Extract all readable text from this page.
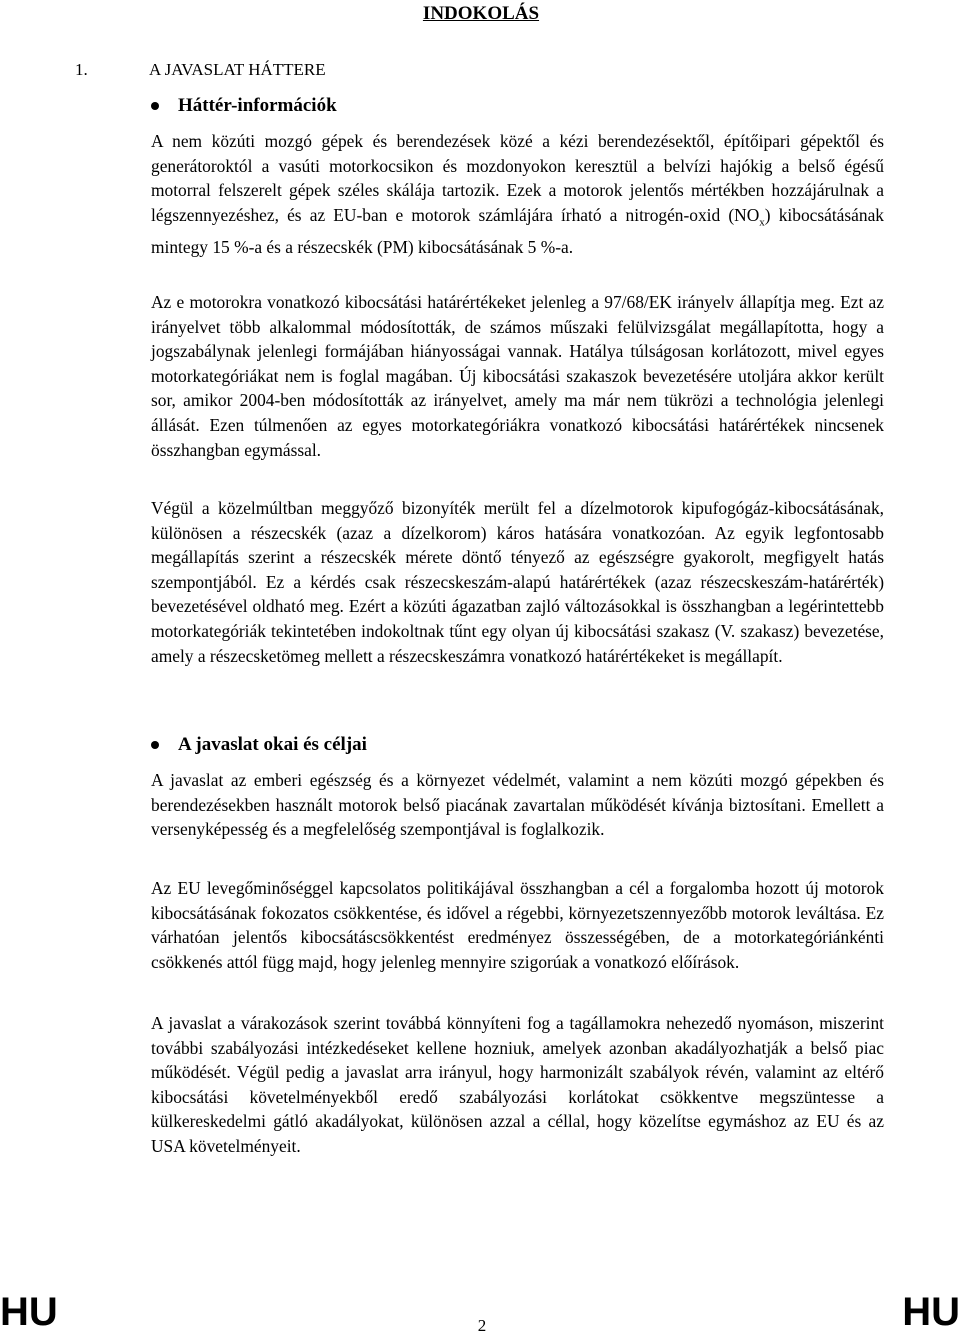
INDOKOLÁS
1.	A JAVASLAT HÁTTERE
Háttér-információk

A nem közúti mozgó gépek és berendezések közé a kézi berendezésektől, építőipari gépektől és generátoroktól a vasúti motorkocsikon és mozdonyokon keresztül a belvízi hajókig a belső égésű motorral felszerelt gépek széles skálája tartozik. Ezek a motorok jelentős mértékben hozzájárulnak a légszennyezéshez, és az EU-ban e motorok számlájára írható a nitrogén-oxid $(NO_x)$ kibocsátásának mintegy 15 %-a és a részecskék (PM) kibocsátásának 5 %-a.

Az e motorokra vonatkozó kibocsátási határértékeket jelenleg a 97/68/EK irányelv állapítja meg. Ezt az irányelvet több alkalommal módosították, de számos műszaki felülvizsgálat megállapította, hogy a jogszabálynak jelenlegi formájában hiányosságai vannak. Hatálya túlságosan korlátozott, mivel egyes motorkategóriákat nem is foglal magában. Új kibocsátási szakaszok bevezetésére utoljára akkor került sor, amikor 2004-ben módosították az irányelvet, amely ma már nem tükrözi a technológia jelenlegi állását. Ezen túlmenően az egyes motorkategóriákra vonatkozó kibocsátási határértékek nincsenek összhangban egymással.

Végül a közelmúltban meggyőző bizonyíték merült fel a dízelmotorok kipufogógáz-kibocsátásának, különösen a részecskék (azaz a dízelkorom) káros hatására vonatkozóan. Az egyik legfontosabb megállapítás szerint a részecskék mérete döntő tényező az egészségre gyakorolt, megfigyelt hatás szempontjából. Ez a kérdés csak részecskeszám-alapú határértékek (azaz részecskeszám-határérték) bevezetésével oldható meg. Ezért a közúti ágazatban zajló változásokkal is összhangban a legérintettebb motorkategóriák tekintetében indokoltnak tűnt egy olyan új kibocsátási szakasz (V. szakasz) bevezetése, amely a részecsketömeg mellett a részecskeszámra vonatkozó határértékeket is megállapít.

A javaslat okai és céljai

A javaslat az emberi egészség és a környezet védelmét, valamint a nem közúti mozgó gépekben és berendezésekben használt motorok belső piacának zavartalan működését kívánja biztosítani. Emellett a versenyképesség és a megfelelőség szempontjával is foglalkozik.

Az EU levegőminőséggel kapcsolatos politikájával összhangban a cél a forgalomba hozott új motorok kibocsátásának fokozatos csökkentése, és idővel a régebbi, környezetszennyezőbb motorok leváltása. Ez várhatóan jelentős kibocsátáscsökkentést eredményez összességében, de a motorkategóriánkénti csökkenés attól függ majd, hogy jelenleg mennyire szigorúak a vonatkozó előírások.

A javaslat a várakozások szerint továbbá könnyíteni fog a tagállamokra nehezedő nyomáson, miszerint további szabályozási intézkedéseket kellene hozniuk, amelyek azonban akadályozhatják a belső piac működését. Végül pedig a javaslat arra irányul, hogy harmonizált szabályok révén, valamint az eltérő kibocsátási követelményekből eredő szabályozási korlátokat csökkentve megszüntesse a külkereskedelmi gátló akadályokat, különösen azzal a céllal, hogy közelítse egymáshoz az EU és az USA követelményeit.

HU	2	HU
